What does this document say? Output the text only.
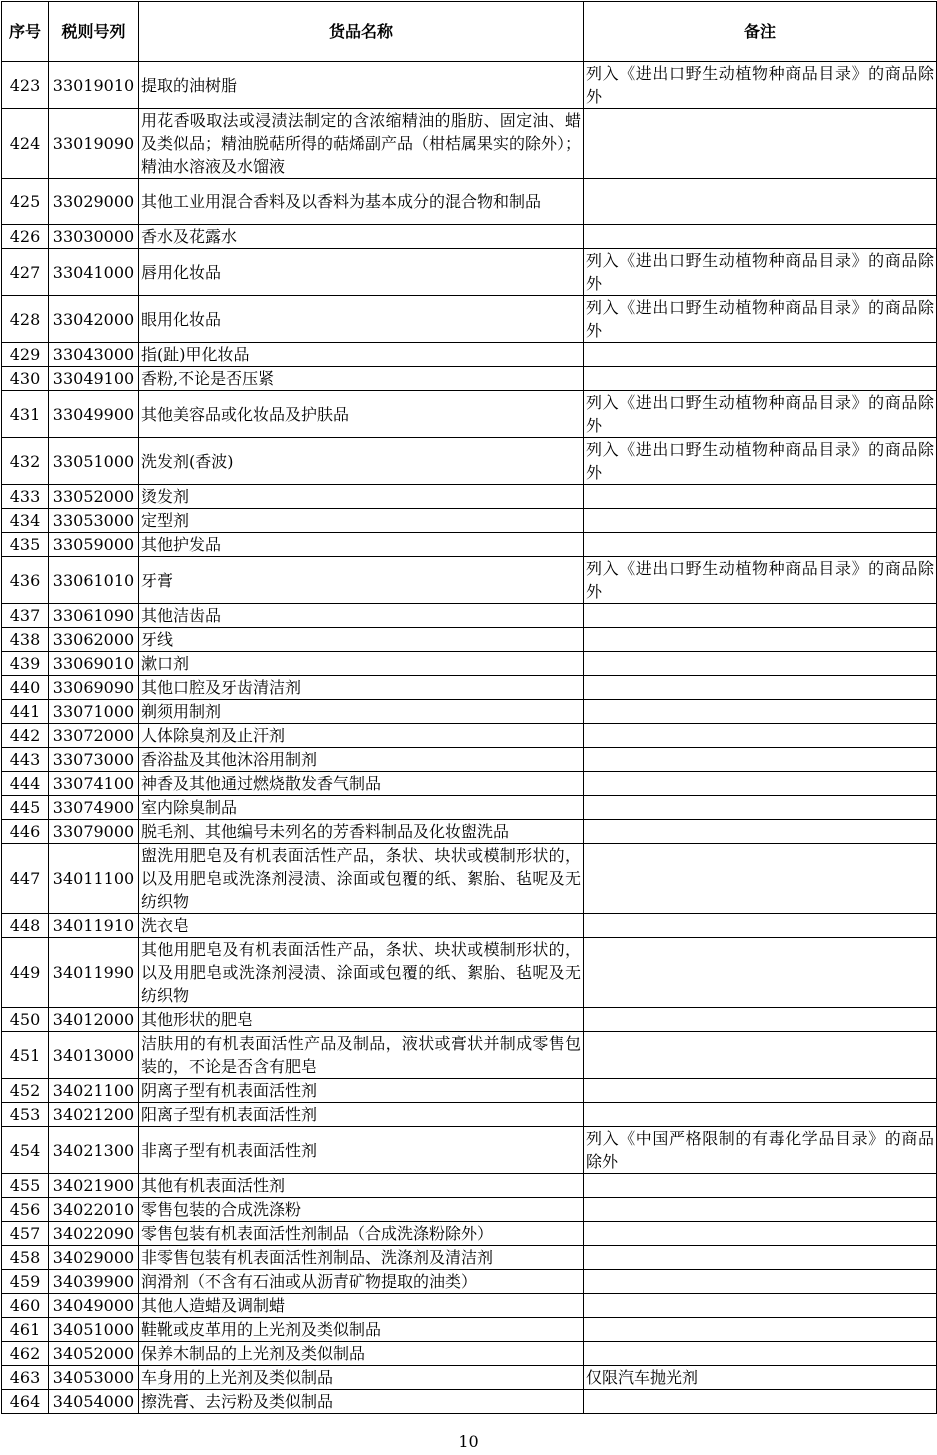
序号	税则号列	货品名称	备注
423	33019010	提取的油树脂	列入《进出口野生动植物种商品目录》的商品除外
424	33019090	用花香吸取法或浸渍法制定的含浓缩精油的脂肪、固定油、蜡及类似品；精油脱萜所得的萜烯副产品（柑桔属果实的除外）；精油水溶液及水馏液	
425	33029000	其他工业用混合香料及以香料为基本成分的混合物和制品	
426	33030000	香水及花露水	
427	33041000	唇用化妆品	列入《进出口野生动植物种商品目录》的商品除外
428	33042000	眼用化妆品	列入《进出口野生动植物种商品目录》的商品除外
429	33043000	指(趾)甲化妆品	
430	33049100	香粉,不论是否压紧	
431	33049900	其他美容品或化妆品及护肤品	列入《进出口野生动植物种商品目录》的商品除外
432	33051000	洗发剂(香波)	列入《进出口野生动植物种商品目录》的商品除外
433	33052000	烫发剂	
434	33053000	定型剂	
435	33059000	其他护发品	
436	33061010	牙膏	列入《进出口野生动植物种商品目录》的商品除外
437	33061090	其他洁齿品	
438	33062000	牙线	
439	33069010	漱口剂	
440	33069090	其他口腔及牙齿清洁剂	
441	33071000	剃须用制剂	
442	33072000	人体除臭剂及止汗剂	
443	33073000	香浴盐及其他沐浴用制剂	
444	33074100	神香及其他通过燃烧散发香气制品	
445	33074900	室内除臭制品	
446	33079000	脱毛剂、其他编号未列名的芳香料制品及化妆盥洗品	
447	34011100	盥洗用肥皂及有机表面活性产品，条状、块状或模制形状的，以及用肥皂或洗涤剂浸渍、涂面或包覆的纸、絮胎、毡呢及无纺织物	
448	34011910	洗衣皂	
449	34011990	其他用肥皂及有机表面活性产品，条状、块状或模制形状的，以及用肥皂或洗涤剂浸渍、涂面或包覆的纸、絮胎、毡呢及无纺织物	
450	34012000	其他形状的肥皂	
451	34013000	洁肤用的有机表面活性产品及制品，液状或膏状并制成零售包装的，不论是否含有肥皂	
452	34021100	阴离子型有机表面活性剂	
453	34021200	阳离子型有机表面活性剂	
454	34021300	非离子型有机表面活性剂	列入《中国严格限制的有毒化学品目录》的商品除外
455	34021900	其他有机表面活性剂	
456	34022010	零售包装的合成洗涤粉	
457	34022090	零售包装有机表面活性剂制品（合成洗涤粉除外）	
458	34029000	非零售包装有机表面活性剂制品、洗涤剂及清洁剂	
459	34039900	润滑剂（不含有石油或从沥青矿物提取的油类）	
460	34049000	其他人造蜡及调制蜡	
461	34051000	鞋靴或皮革用的上光剂及类似制品	
462	34052000	保养木制品的上光剂及类似制品	
463	34053000	车身用的上光剂及类似制品	仅限汽车抛光剂
464	34054000	擦洗膏、去污粉及类似制品	
10
